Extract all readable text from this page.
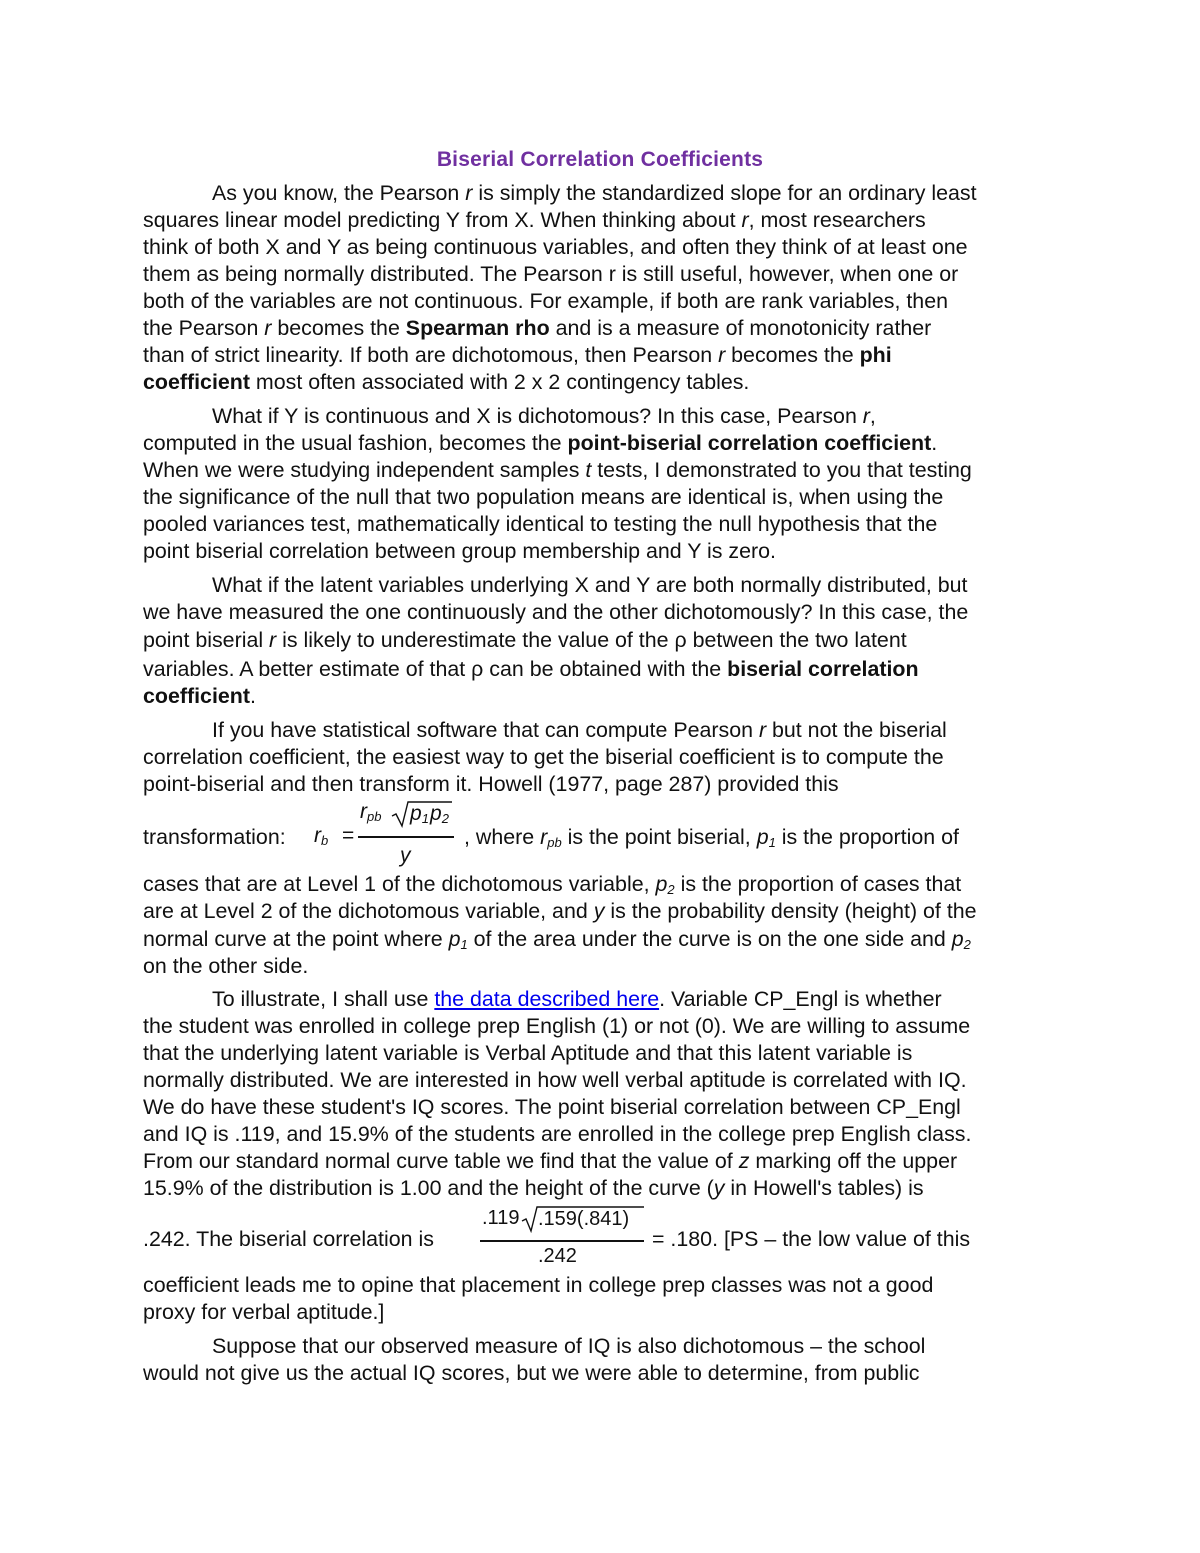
Biserial Correlation Coefficients
As you know, the Pearson r is simply the standardized slope for an ordinary least
squares linear model predicting Y from X. When thinking about r, most researchers
think of both X and Y as being continuous variables, and often they think of at least one
them as being normally distributed. The Pearson r is still useful, however, when one or
both of the variables are not continuous. For example, if both are rank variables, then
the Pearson r becomes the Spearman rho and is a measure of monotonicity rather
than of strict linearity. If both are dichotomous, then Pearson r becomes the phi
coefficient most often associated with 2 x 2 contingency tables.
What if Y is continuous and X is dichotomous? In this case, Pearson r,
computed in the usual fashion, becomes the point-biserial correlation coefficient.
When we were studying independent samples t tests, I demonstrated to you that testing
the significance of the null that two population means are identical is, when using the
pooled variances test, mathematically identical to testing the null hypothesis that the
point biserial correlation between group membership and Y is zero.
What if the latent variables underlying X and Y are both normally distributed, but
we have measured the one continuously and the other dichotomously? In this case, the
point biserial r is likely to underestimate the value of the ρ between the two latent
variables. A better estimate of that ρ can be obtained with the biserial correlation
coefficient.
If you have statistical software that can compute Pearson r but not the biserial
correlation coefficient, the easiest way to get the biserial coefficient is to compute the
point-biserial and then transform it. Howell (1977, page 287) provided this
transformation: $r_b$ =
$r_{pb}$ $p_1$ $p_2$
y
, where $r_{pb}$ is the point biserial, $p_1$ is the proportion of
cases that are at Level 1 of the dichotomous variable, $p_2$ is the proportion of cases that
are at Level 2 of the dichotomous variable, and y is the probability density (height) of the
normal curve at the point where $p_1$ of the area under the curve is on the one side and $p_2$
on the other side.
To illustrate, I shall use the data described here. Variable CP_Engl is whether
the student was enrolled in college prep English (1) or not (0). We are willing to assume
that the underlying latent variable is Verbal Aptitude and that this latent variable is
normally distributed. We are interested in how well verbal aptitude is correlated with IQ.
We do have these student's IQ scores. The point biserial correlation between CP_Engl
and IQ is .119, and 15.9% of the students are enrolled in the college prep English class.
From our standard normal curve table we find that the value of z marking off the upper
15.9% of the distribution is 1.00 and the height of the curve (y in Howell's tables) is
.242. The biserial correlation is
.119 .159(.841)
.242
= .180. [PS – the low value of this
coefficient leads me to opine that placement in college prep classes was not a good
proxy for verbal aptitude.]
Suppose that our observed measure of IQ is also dichotomous – the school
would not give us the actual IQ scores, but we were able to determine, from public
